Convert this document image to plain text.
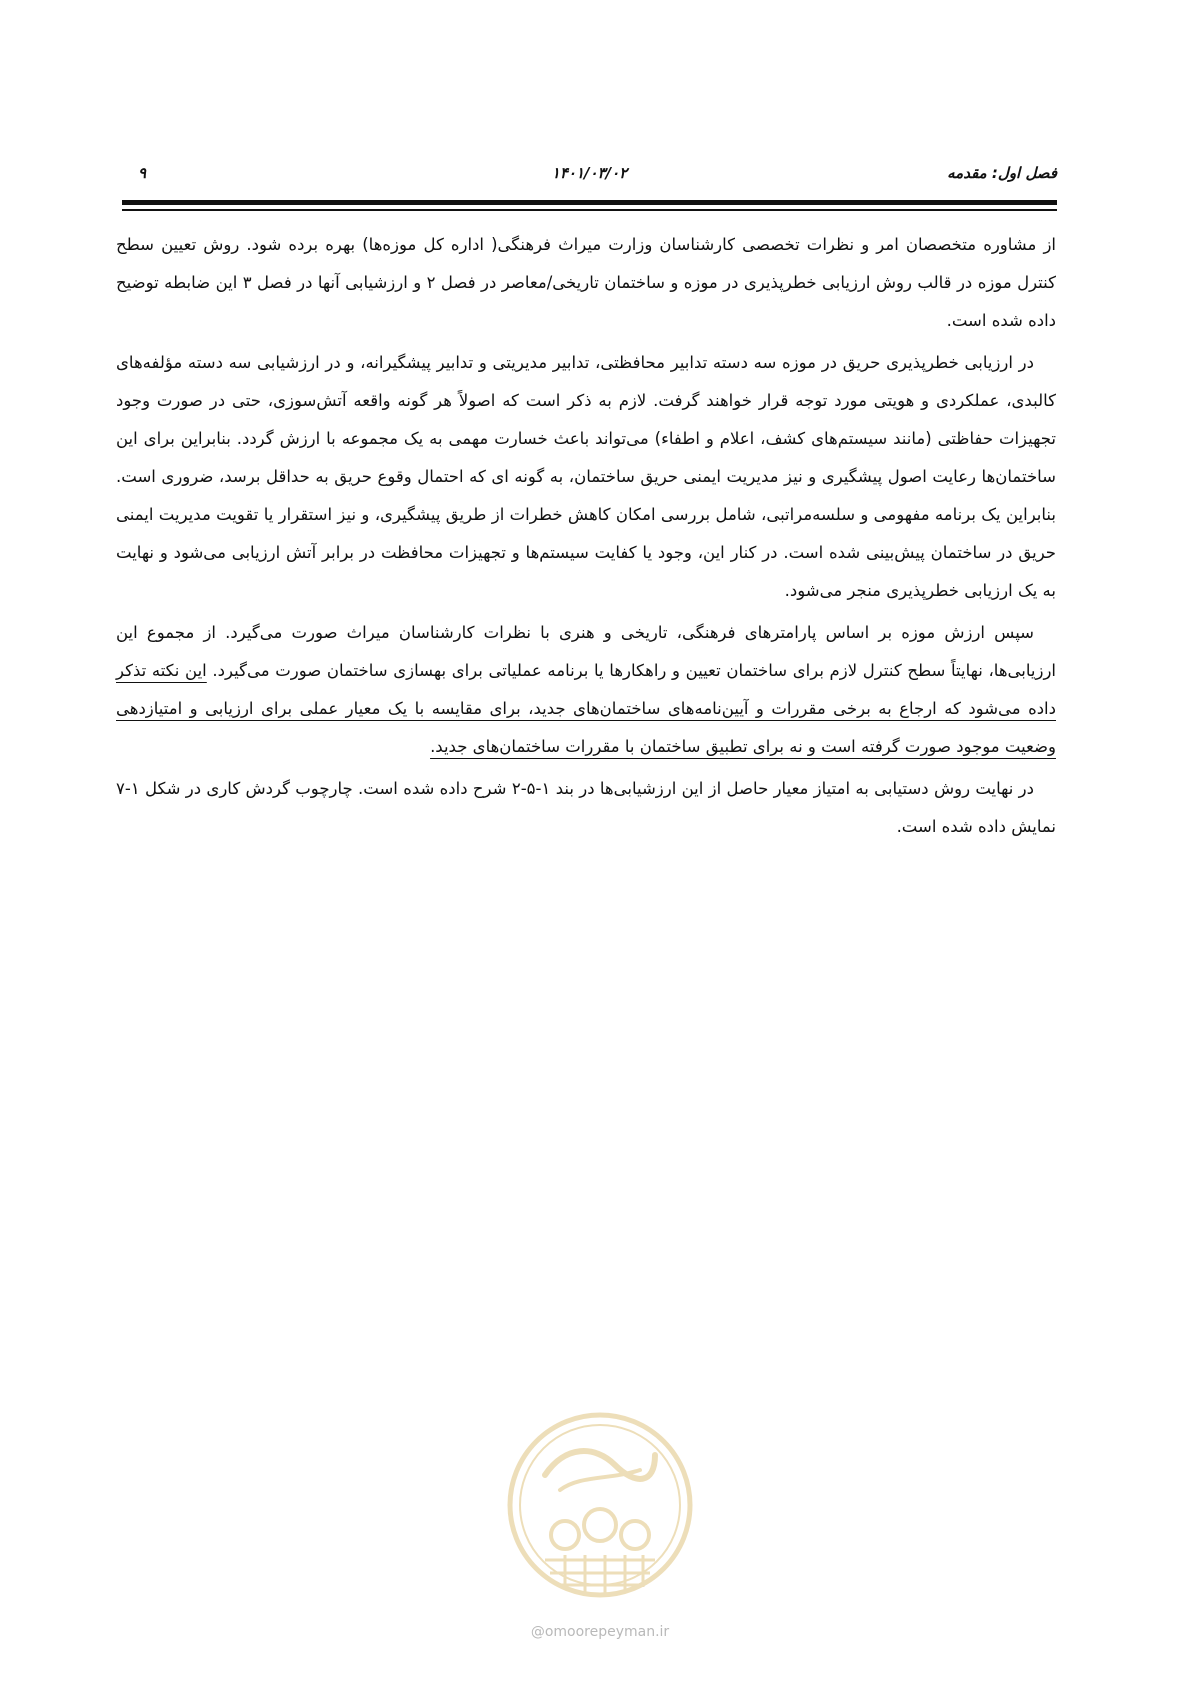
فصل اول: مقدمه
۱۴۰۱/۰۳/۰۲
۹

از مشاوره متخصصان امر و نظرات تخصصی کارشناسان وزارت میراث فرهنگی( اداره کل موزه‌ها) بهره برده شود. روش تعیین سطح کنترل موزه در قالب روش ارزیابی خطرپذیری در موزه و ساختمان تاریخی/معاصر در فصل ۲ و ارزشیابی آنها در فصل ۳ این ضابطه توضیح داده شده است.

در ارزیابی خطرپذیری حریق در موزه سه دسته تدابیر محافظتی، تدابیر مدیریتی و تدابیر پیشگیرانه، و در ارزشیابی سه دسته مؤلفه‌های کالبدی، عملکردی و هویتی مورد توجه قرار خواهند گرفت. لازم به ذکر است که اصولاً هر گونه واقعه آتش‌سوزی، حتی در صورت وجود تجهیزات حفاظتی (مانند سیستم‌های کشف، اعلام و اطفاء) می‌تواند باعث خسارت مهمی به یک مجموعه با ارزش گردد. بنابراین برای این ساختمان‌ها رعایت اصول پیشگیری و نیز مدیریت ایمنی حریق ساختمان، به گونه ای که احتمال وقوع حریق به حداقل برسد، ضروری است. بنابراین یک برنامه مفهومی و سلسه‌مراتبی، شامل بررسی امکان کاهش خطرات از طریق پیشگیری، و نیز استقرار یا تقویت مدیریت ایمنی حریق در ساختمان پیش‌بینی شده است. در کنار این، وجود یا کفایت سیستم‌ها و تجهیزات محافظت در برابر آتش ارزیابی می‌شود و نهایت به یک ارزیابی خطرپذیری منجر می‌شود.

سپس ارزش موزه بر اساس پارامترهای فرهنگی، تاریخی و هنری با نظرات کارشناسان میراث صورت می‌گیرد. از مجموع این ارزیابی‌ها، نهایتاً سطح کنترل لازم برای ساختمان تعیین و راهکارها یا برنامه عملیاتی برای بهسازی ساختمان صورت می‌گیرد. این نکته تذکر داده می‌شود که ارجاع به برخی مقررات و آیین‌نامه‌های ساختمان‌های جدید، برای مقایسه با یک معیار عملی برای ارزیابی و امتیازدهی وضعیت موجود صورت گرفته است و نه برای تطبیق ساختمان با مقررات ساختمان‌های جدید.

در نهایت روش دستیابی به امتیاز معیار حاصل از این ارزشیابی‌ها در بند ۱-۵-۲ شرح داده شده است. چارچوب گردش کاری در شکل ۱-۷ نمایش داده شده است.

@omoorepeyman.ir
